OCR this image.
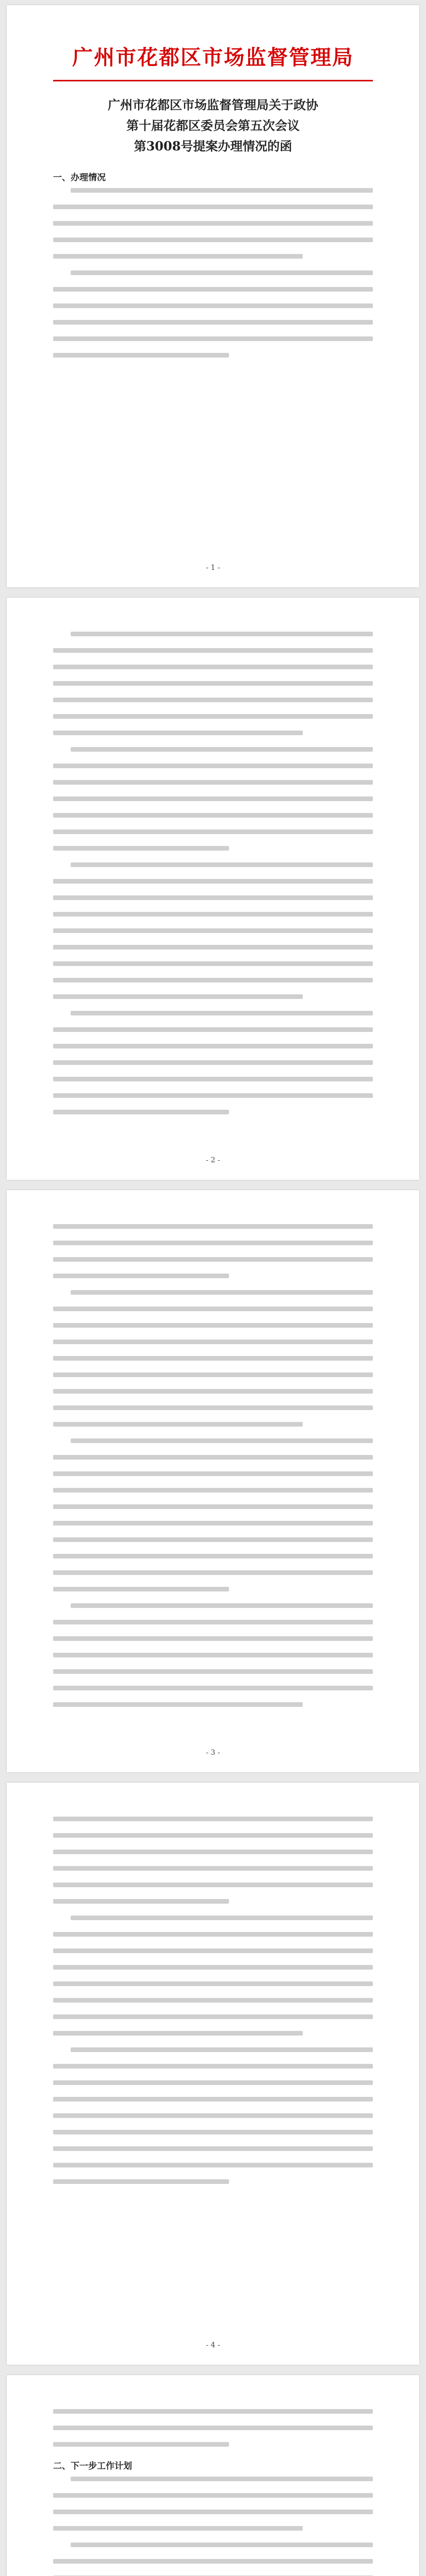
广州市花都区市场监督管理局
广州市花都区市场监督管理局关于政协
第十届花都区委员会第五次会议
第3008号提案办理情况的函

一、办理情况

- 1 -
- 2 -
- 3 -
- 4 -
二、下一步工作计划
